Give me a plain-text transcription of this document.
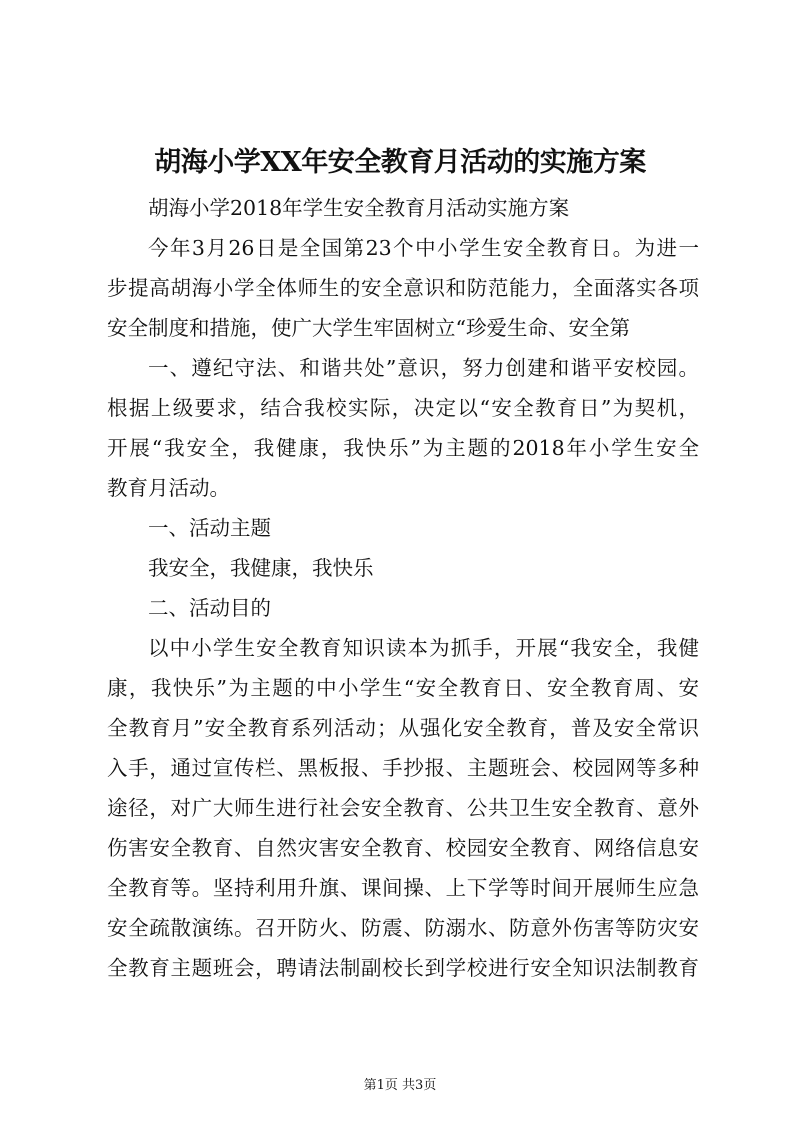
胡海小学XX年安全教育月活动的实施方案
胡海小学2018年学生安全教育月活动实施方案
今年3月26日是全国第23个中小学生安全教育日。为进一
步提高胡海小学全体师生的安全意识和防范能力，全面落实各项
安全制度和措施，使广大学生牢固树立“珍爱生命、安全第
一、遵纪守法、和谐共处”意识，努力创建和谐平安校园。
根据上级要求，结合我校实际，决定以“安全教育日”为契机，
开展“我安全，我健康，我快乐”为主题的2018年小学生安全
教育月活动。
一、活动主题
我安全，我健康，我快乐
二、活动目的
以中小学生安全教育知识读本为抓手，开展“我安全，我健
康，我快乐”为主题的中小学生“安全教育日、安全教育周、安
全教育月”安全教育系列活动；从强化安全教育，普及安全常识
入手，通过宣传栏、黑板报、手抄报、主题班会、校园网等多种
途径，对广大师生进行社会安全教育、公共卫生安全教育、意外
伤害安全教育、自然灾害安全教育、校园安全教育、网络信息安
全教育等。坚持利用升旗、课间操、上下学等时间开展师生应急
安全疏散演练。召开防火、防震、防溺水、防意外伤害等防灾安
全教育主题班会，聘请法制副校长到学校进行安全知识法制教育
第1页 共3页
